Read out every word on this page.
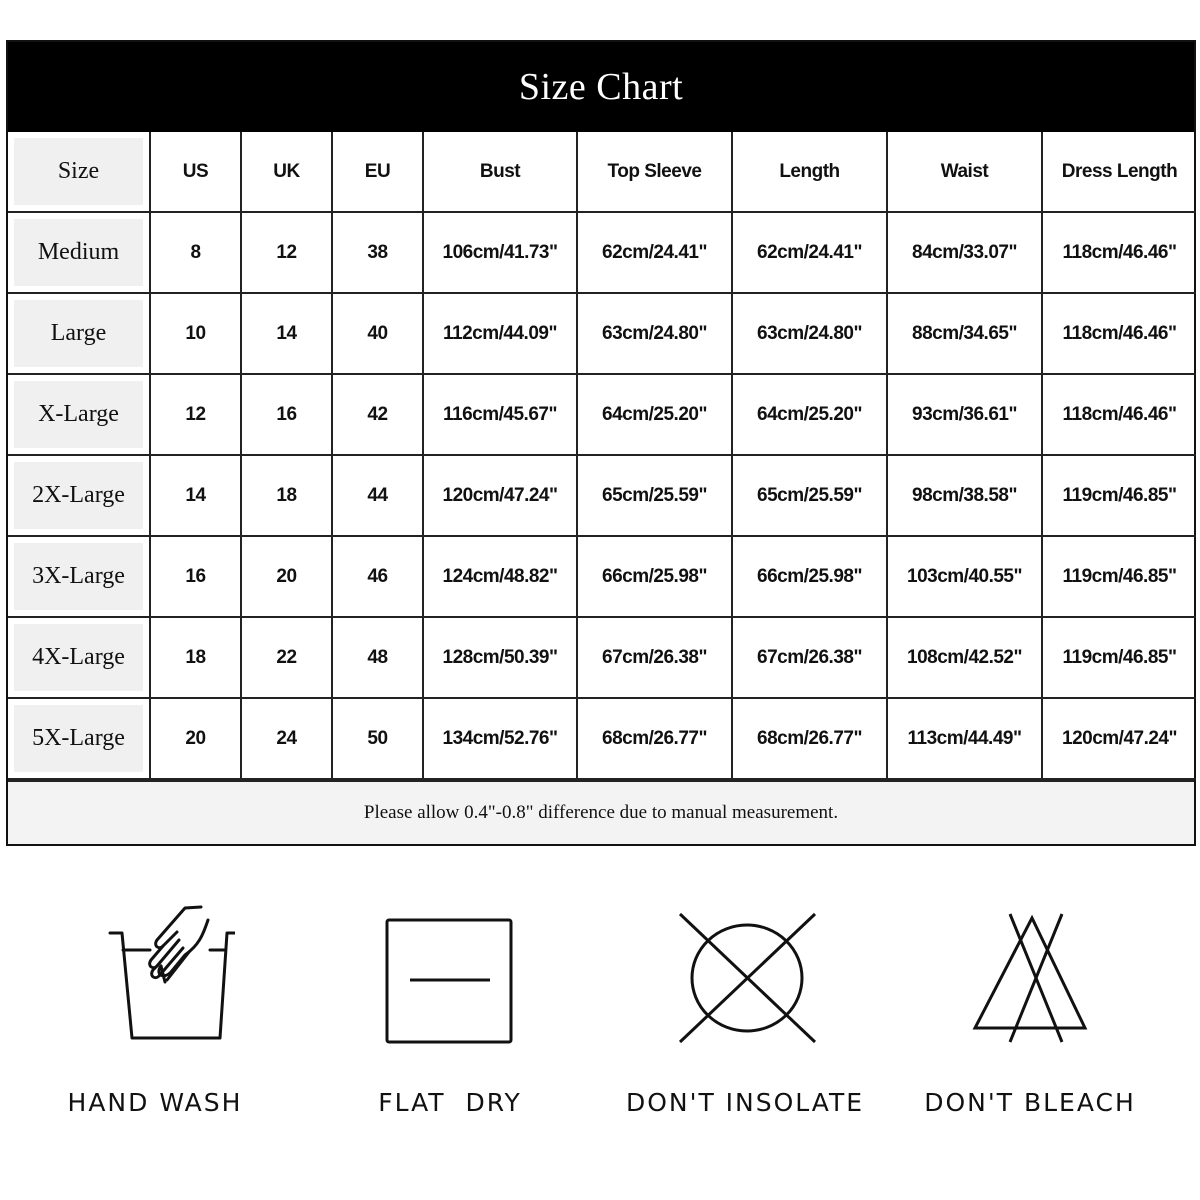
Size Chart
Size	US	UK	EU	Bust	Top Sleeve	Length	Waist	Dress Length

Medium	8	12	38	106cm/41.73"	62cm/24.41"	62cm/24.41"	84cm/33.07"	118cm/46.46"

Large	10	14	40	112cm/44.09"	63cm/24.80"	63cm/24.80"	88cm/34.65"	118cm/46.46"

X-Large	12	16	42	116cm/45.67"	64cm/25.20"	64cm/25.20"	93cm/36.61"	118cm/46.46"

2X-Large	14	18	44	120cm/47.24"	65cm/25.59"	65cm/25.59"	98cm/38.58"	119cm/46.85"

3X-Large	16	20	46	124cm/48.82"	66cm/25.98"	66cm/25.98"	103cm/40.55"	119cm/46.85"

4X-Large	18	22	48	128cm/50.39"	67cm/26.38"	67cm/26.38"	108cm/42.52"	119cm/46.85"

5X-Large	20	24	50	134cm/52.76"	68cm/26.77"	68cm/26.77"	113cm/44.49"	120cm/47.24"
Please allow 0.4"-0.8" difference due to manual measurement.
HAND WASH	FLAT  DRY	DON'T INSOLATE	DON'T BLEACH
